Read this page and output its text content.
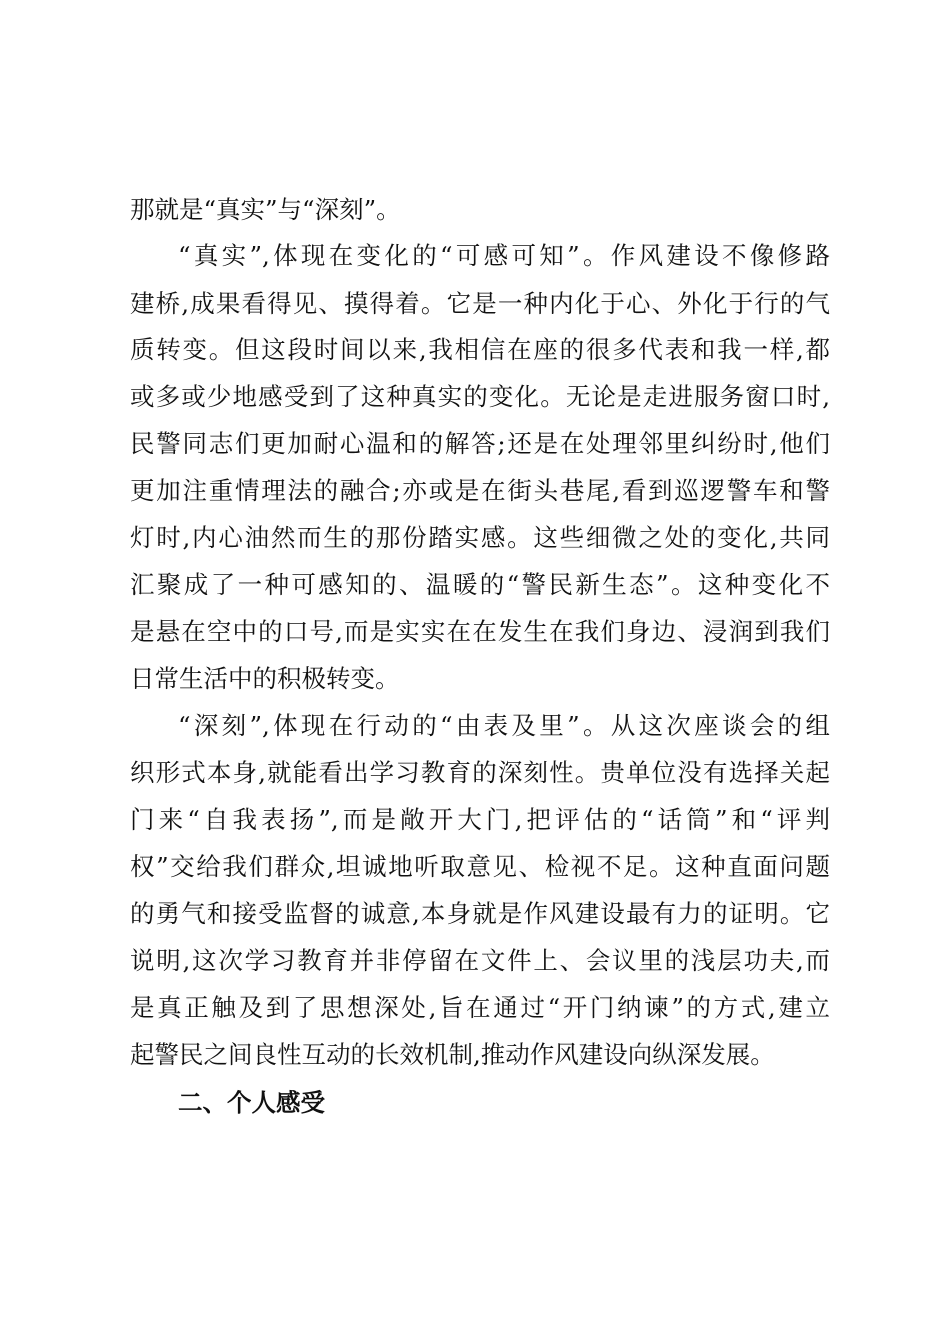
那就是“真实”与“深刻”。
“真实”,体现在变化的“可感可知”。作风建设不像修路
建桥,成果看得见、摸得着。它是一种内化于心、外化于行的气
质转变。但这段时间以来,我相信在座的很多代表和我一样,都
或多或少地感受到了这种真实的变化。无论是走进服务窗口时,
民警同志们更加耐心温和的解答;还是在处理邻里纠纷时,他们
更加注重情理法的融合;亦或是在街头巷尾,看到巡逻警车和警
灯时,内心油然而生的那份踏实感。这些细微之处的变化,共同
汇聚成了一种可感知的、温暖的“警民新生态”。这种变化不
是悬在空中的口号,而是实实在在发生在我们身边、浸润到我们
日常生活中的积极转变。
“深刻”,体现在行动的“由表及里”。从这次座谈会的组
织形式本身,就能看出学习教育的深刻性。贵单位没有选择关起
门来“自我表扬”,而是敞开大门,把评估的“话筒”和“评判
权”交给我们群众,坦诚地听取意见、检视不足。这种直面问题
的勇气和接受监督的诚意,本身就是作风建设最有力的证明。它
说明,这次学习教育并非停留在文件上、会议里的浅层功夫,而
是真正触及到了思想深处,旨在通过“开门纳谏”的方式,建立
起警民之间良性互动的长效机制,推动作风建设向纵深发展。
二、个人感受
